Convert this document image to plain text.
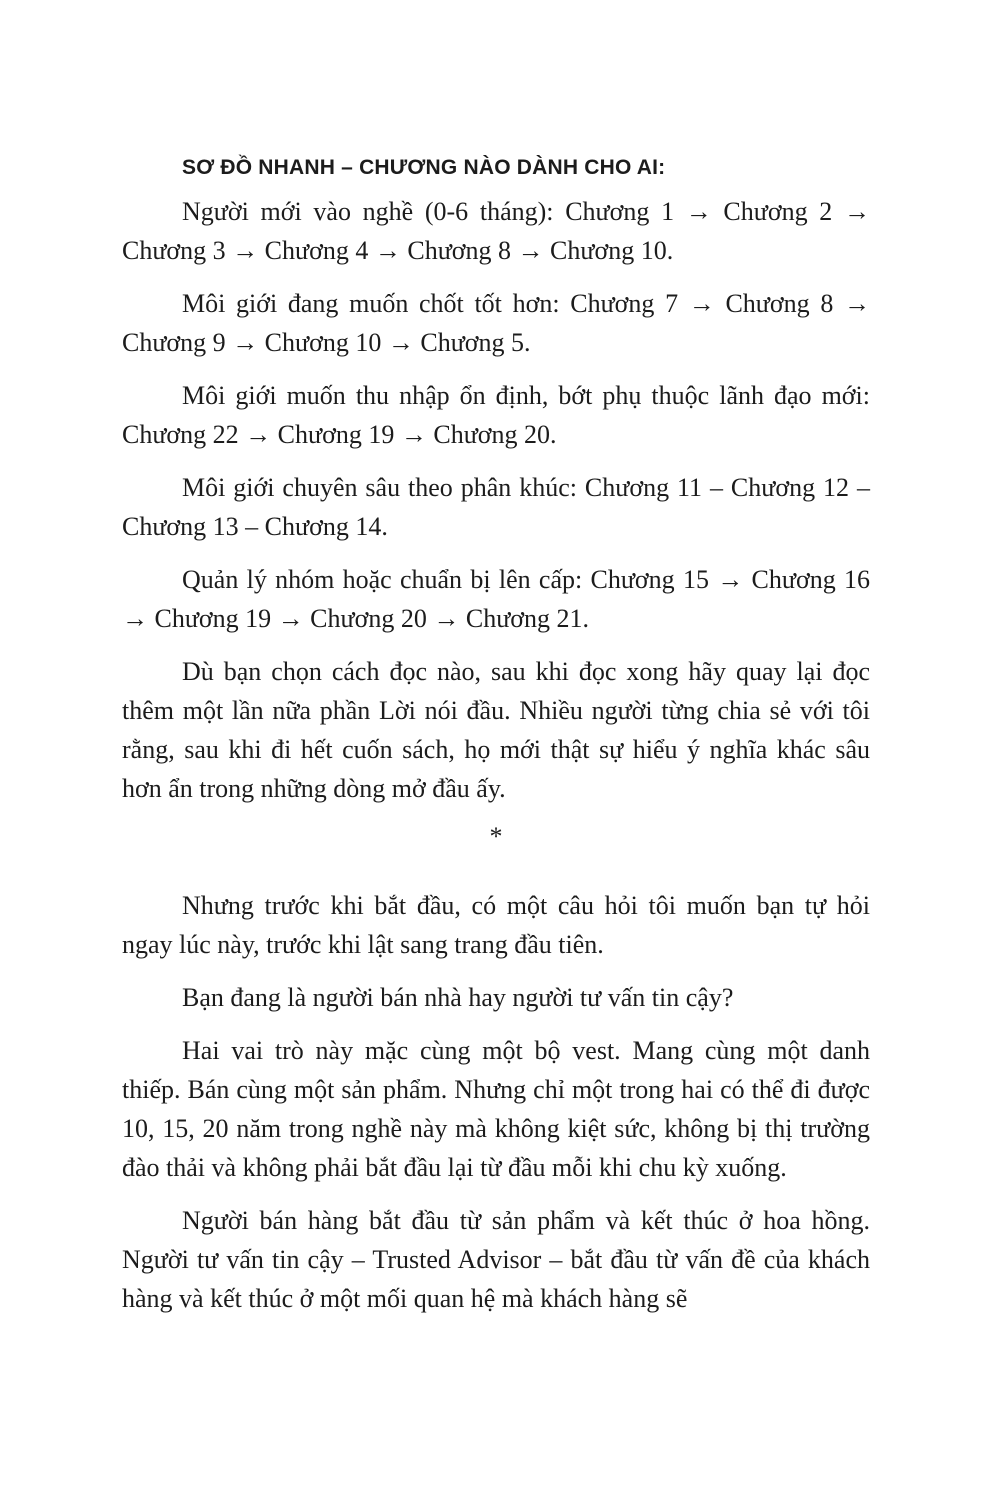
SƠ ĐỒ NHANH – CHƯƠNG NÀO DÀNH CHO AI:

Người mới vào nghề (0-6 tháng): Chương 1 → Chương 2 → Chương 3 → Chương 4 → Chương 8 → Chương 10.

Môi giới đang muốn chốt tốt hơn: Chương 7 → Chương 8 → Chương 9 → Chương 10 → Chương 5.

Môi giới muốn thu nhập ổn định, bớt phụ thuộc lãnh đạo mới: Chương 22 → Chương 19 → Chương 20.

Môi giới chuyên sâu theo phân khúc: Chương 11 – Chương 12 – Chương 13 – Chương 14.

Quản lý nhóm hoặc chuẩn bị lên cấp: Chương 15 → Chương 16 → Chương 19 → Chương 20 → Chương 21.

Dù bạn chọn cách đọc nào, sau khi đọc xong hãy quay lại đọc thêm một lần nữa phần Lời nói đầu. Nhiều người từng chia sẻ với tôi rằng, sau khi đi hết cuốn sách, họ mới thật sự hiểu ý nghĩa khác sâu hơn ẩn trong những dòng mở đầu ấy.

*

Nhưng trước khi bắt đầu, có một câu hỏi tôi muốn bạn tự hỏi ngay lúc này, trước khi lật sang trang đầu tiên.

Bạn đang là người bán nhà hay người tư vấn tin cậy?

Hai vai trò này mặc cùng một bộ vest. Mang cùng một danh thiếp. Bán cùng một sản phẩm. Nhưng chỉ một trong hai có thể đi được 10, 15, 20 năm trong nghề này mà không kiệt sức, không bị thị trường đào thải và không phải bắt đầu lại từ đầu mỗi khi chu kỳ xuống.

Người bán hàng bắt đầu từ sản phẩm và kết thúc ở hoa hồng. Người tư vấn tin cậy – Trusted Advisor – bắt đầu từ vấn đề của khách hàng và kết thúc ở một mối quan hệ mà khách hàng sẽ
